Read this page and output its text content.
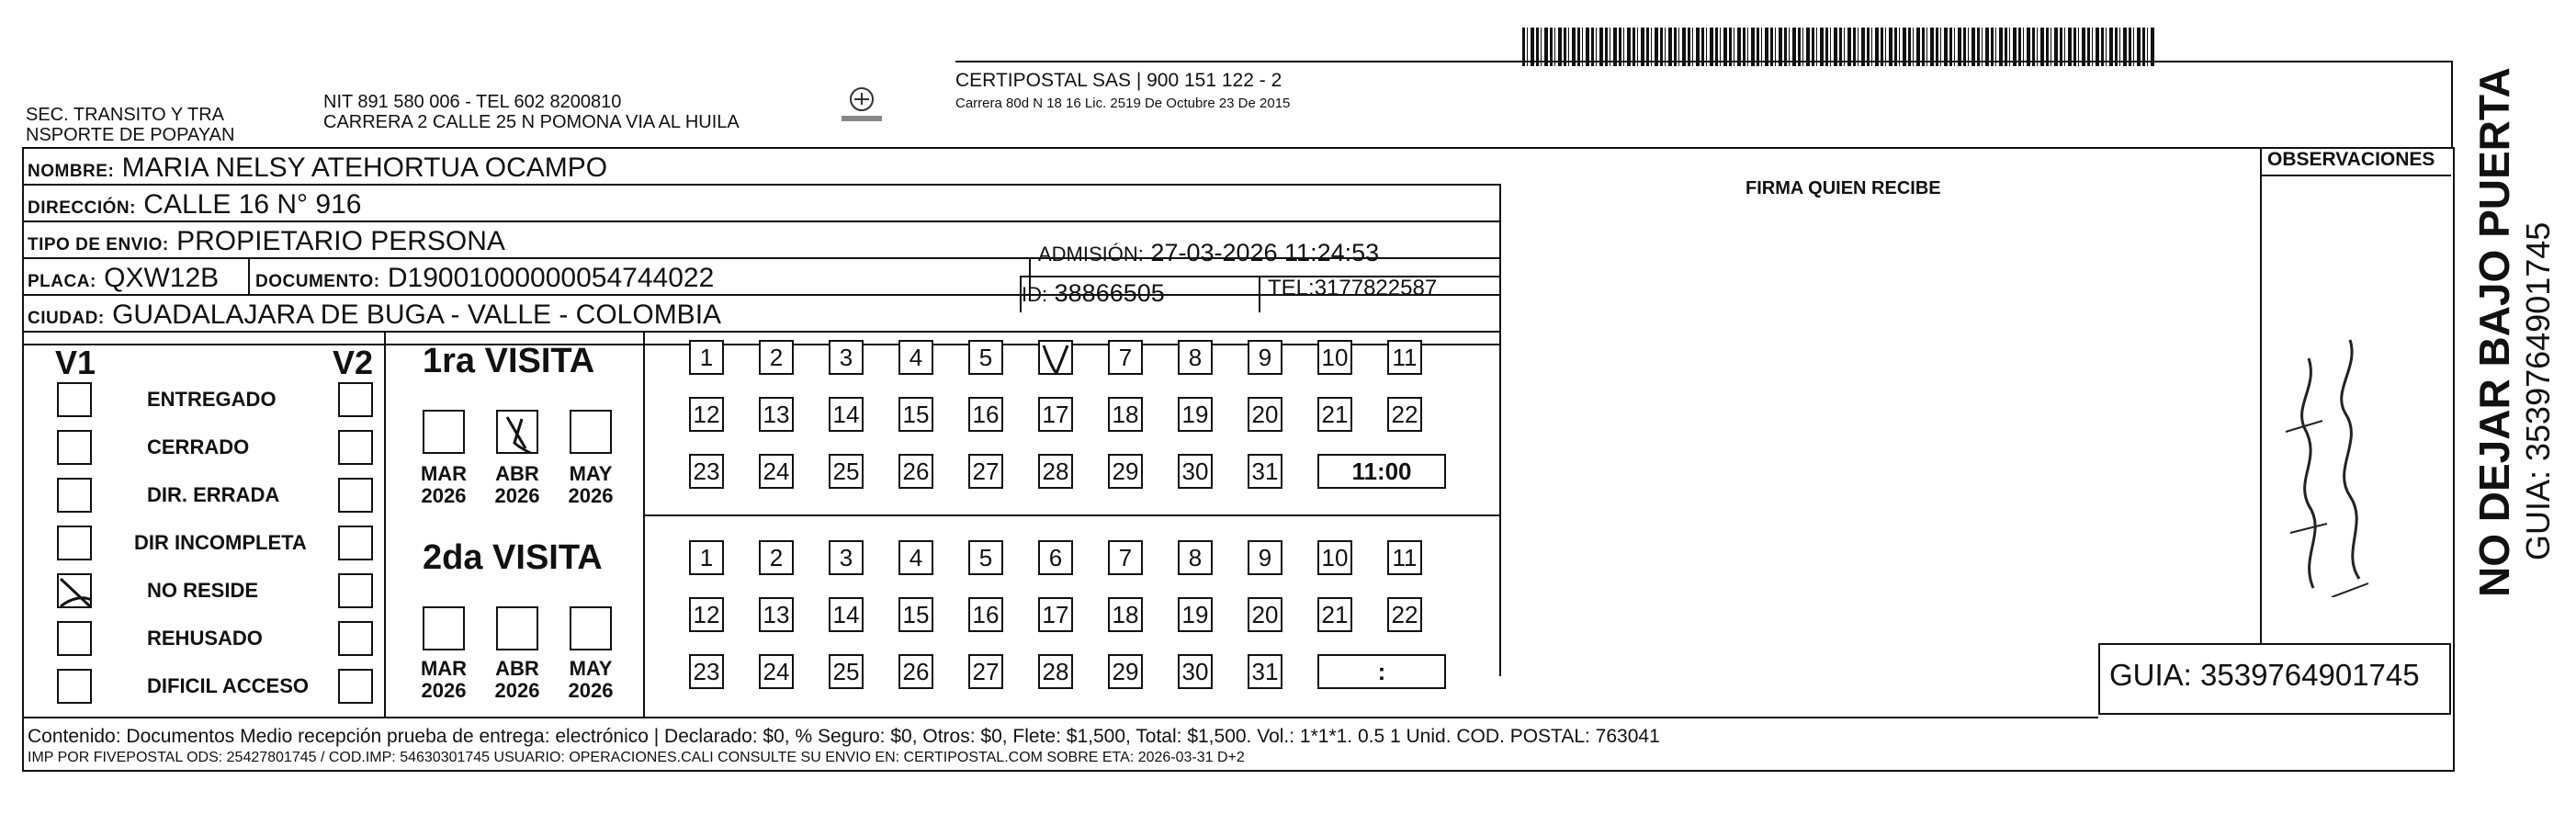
SEC. TRANSITO Y TRA
NSPORTE DE POPAYAN
NIT 891 580 006 - TEL 602 8200810
CARRERA 2 CALLE 25 N POMONA VIA AL HUILA
CERTIPOSTAL SAS | 900 151 122 - 2
Carrera 80d N 18 16 Lic. 2519 De Octubre 23 De 2015
NOMBRE: MARIA NELSY ATEHORTUA OCAMPO
DIRECCIÓN: CALLE 16 N° 916
TIPO DE ENVIO: PROPIETARIO PERSONA	ADMISIÓN: 27-03-2026 11:24:53
PLACA: QXW12B DOCUMENTO: D19001000000054744022
ID: 38866505	TEL:3177822587
CIUDAD: GUADALAJARA DE BUGA - VALLE - COLOMBIA
FIRMA QUIEN RECIBE
OBSERVACIONES
V1	V2
ENTREGADO
CERRADO
DIR. ERRADA
DIR INCOMPLETA
NO RESIDE
REHUSADO
DIFICIL ACCESO
1ra VISITA
MAR
2026
ABR
2026
MAY
2026
1	2	3	4	5	7	8	9	10 11
12 13 14 15 16 17 18 19 20 21 22
23 24 25 26 27 28 29 30 31	11:00
2da VISITA
MAR
2026
ABR
2026
MAY
2026
1	2	3	4	5	6	7	8	9	10 11
12 13 14 15 16 17 18 19 20 21 22
23 24 25 26 27 28 29 30 31	:
Contenido: Documentos Medio recepción prueba de entrega: electrónico | Declarado: $0, % Seguro: $0, Otros: $0, Flete: $1,500, Total: $1,500. Vol.: 1*1*1. 0.5 1 Unid. COD. POSTAL: 763041
IMP POR FIVEPOSTAL ODS: 25427801745 / COD.IMP: 54630301745 USUARIO: OPERACIONES.CALI CONSULTE SU ENVIO EN: CERTIPOSTAL.COM SOBRE ETA: 2026-03-31 D+2
GUIA: 3539764901745
NO DEJAR BAJO PUERTA GUIA: 3539764901745
